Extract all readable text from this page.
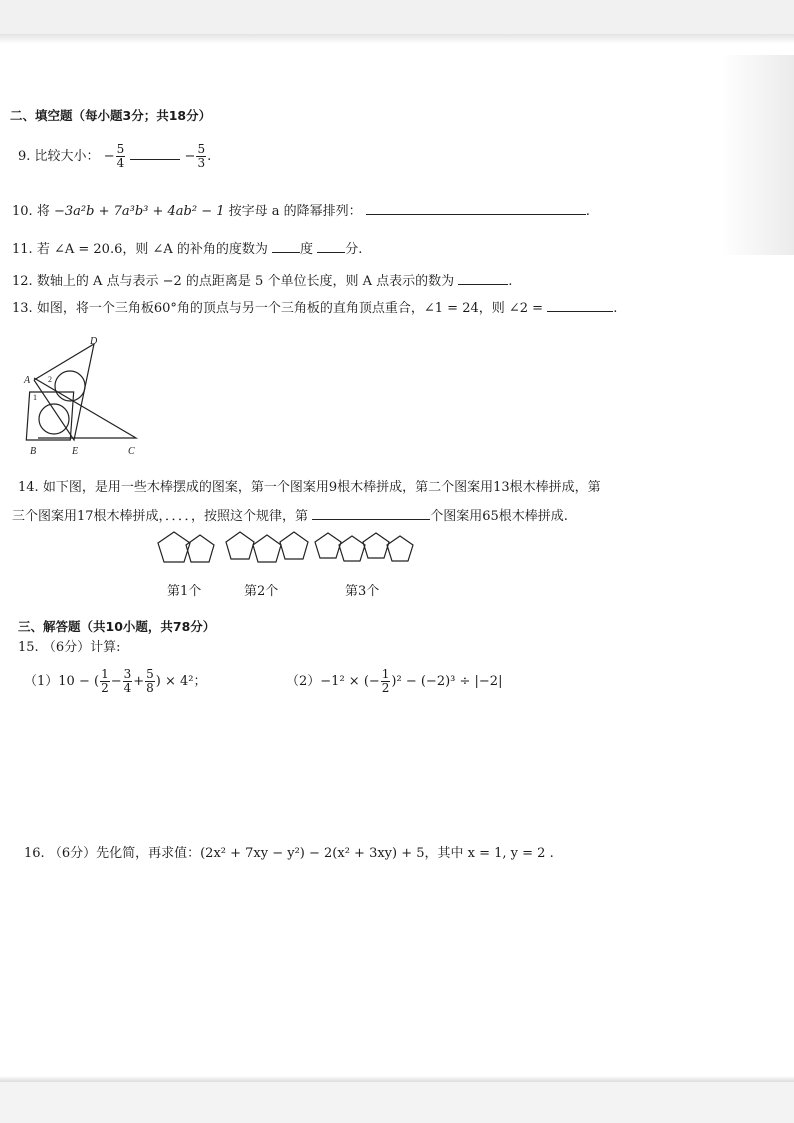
二、填空题（每小题3分；共18分）
9. 比较大小： − $\frac{5}{4}$	− $\frac{5}{3}$ .
10. 将 −3a²b + 7a³b³ + 4ab² − 1 按字母 a 的降幂排列：	.
11. 若 ∠A = 20.6，则 ∠A 的补角的度数为 度 分.
12. 数轴上的 A 点与表示 −2 的点距离是 5 个单位长度，则 A 点表示的数为	.
13. 如图，将一个三角板60°角的顶点与另一个三角板的直角顶点重合，∠1 = 24，则 ∠2 =	.
A
D
1
2
B	E	C
14. 如下图，是用一些木棒摆成的图案，第一个图案用9根木棒拼成，第二个图案用13根木棒拼成，第
三个图案用17根木棒拼成，．．．．，按照这个规律，第	个图案用65根木棒拼成.
第1个	第2个	第3个
三、解答题（共10小题，共78分）
15. （6分）计算:
（1）10 − ( $\frac{1}{2} - \frac{3}{4} + \frac{5}{8}$ ) × 4²；	（2）−1² × (− $\frac{1}{2} )^2 - (-2)^3 \div |-2|$
16. （6分）先化简，再求值：(2x² + 7xy − y²) − 2(x² + 3xy) + 5，其中 x = 1, y = 2 .
